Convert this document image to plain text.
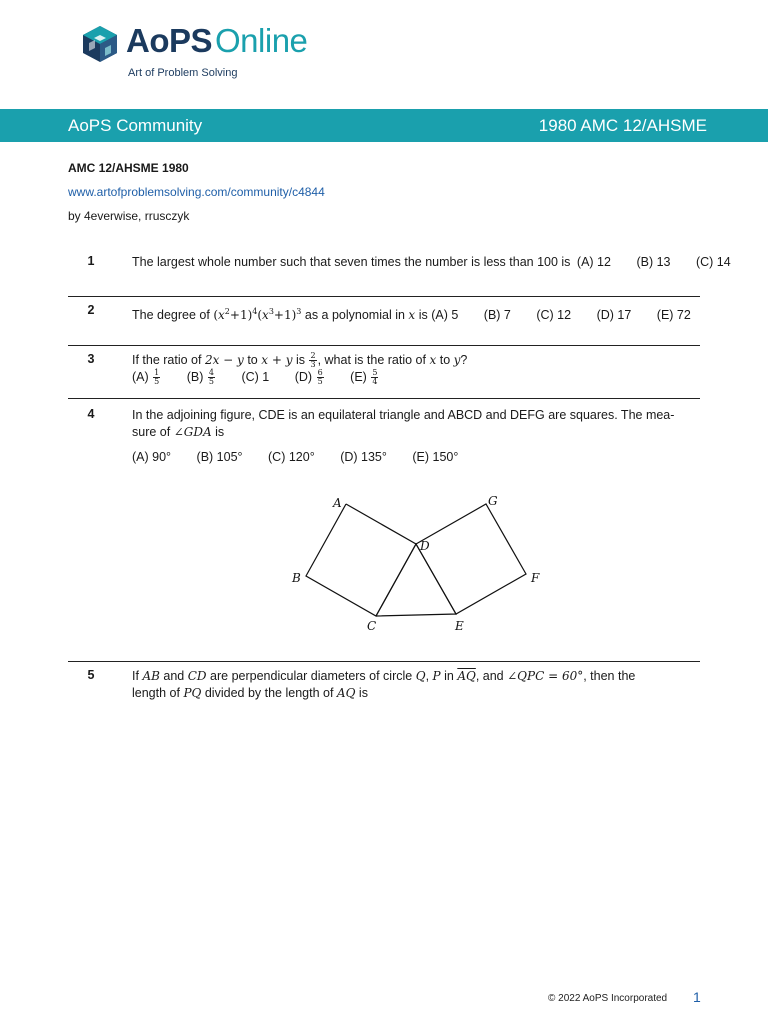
AoPSOnline
Art of Problem Solving
AoPS Community	1980 AMC 12/AHSME
AMC 12/AHSME 1980
www.artofproblemsolving.com/community/c4844
by 4everwise, rrusczyk
1	The largest whole number such that seven times the number is less than 100 is (A) 12 (B) 13 (C) 14
2	The degree of $(x^2+1)^4(x^3+1)^3$ as a polynomial in x is (A) 5 (B) 7 (C) 12 (D) 17 (E) 72
3	If the ratio of 2x − y to x + y is $\frac{2}{3}$ , what is the ratio of x to y?
$(A) \frac{1}{5} (B) \frac{4}{5} (C)$ 1 $(D) \frac{6}{5} (E) \frac{5}{4}$
4	In the adjoining figure, CDE is an equilateral triangle and ABCD and DEFG are squares. The mea-
sure of ∠GDA is
(A) 90° (B) 105° (C) 120° (D) 135° (E) 150°
A
B
C
D
E
F
G
5	If AB and CD are perpendicular diameters of circle Q, P in $\overline{AQ}$, and ∠QPC = 60°, then the
length of PQ divided by the length of AQ is
© 2022 AoPS Incorporated 1
